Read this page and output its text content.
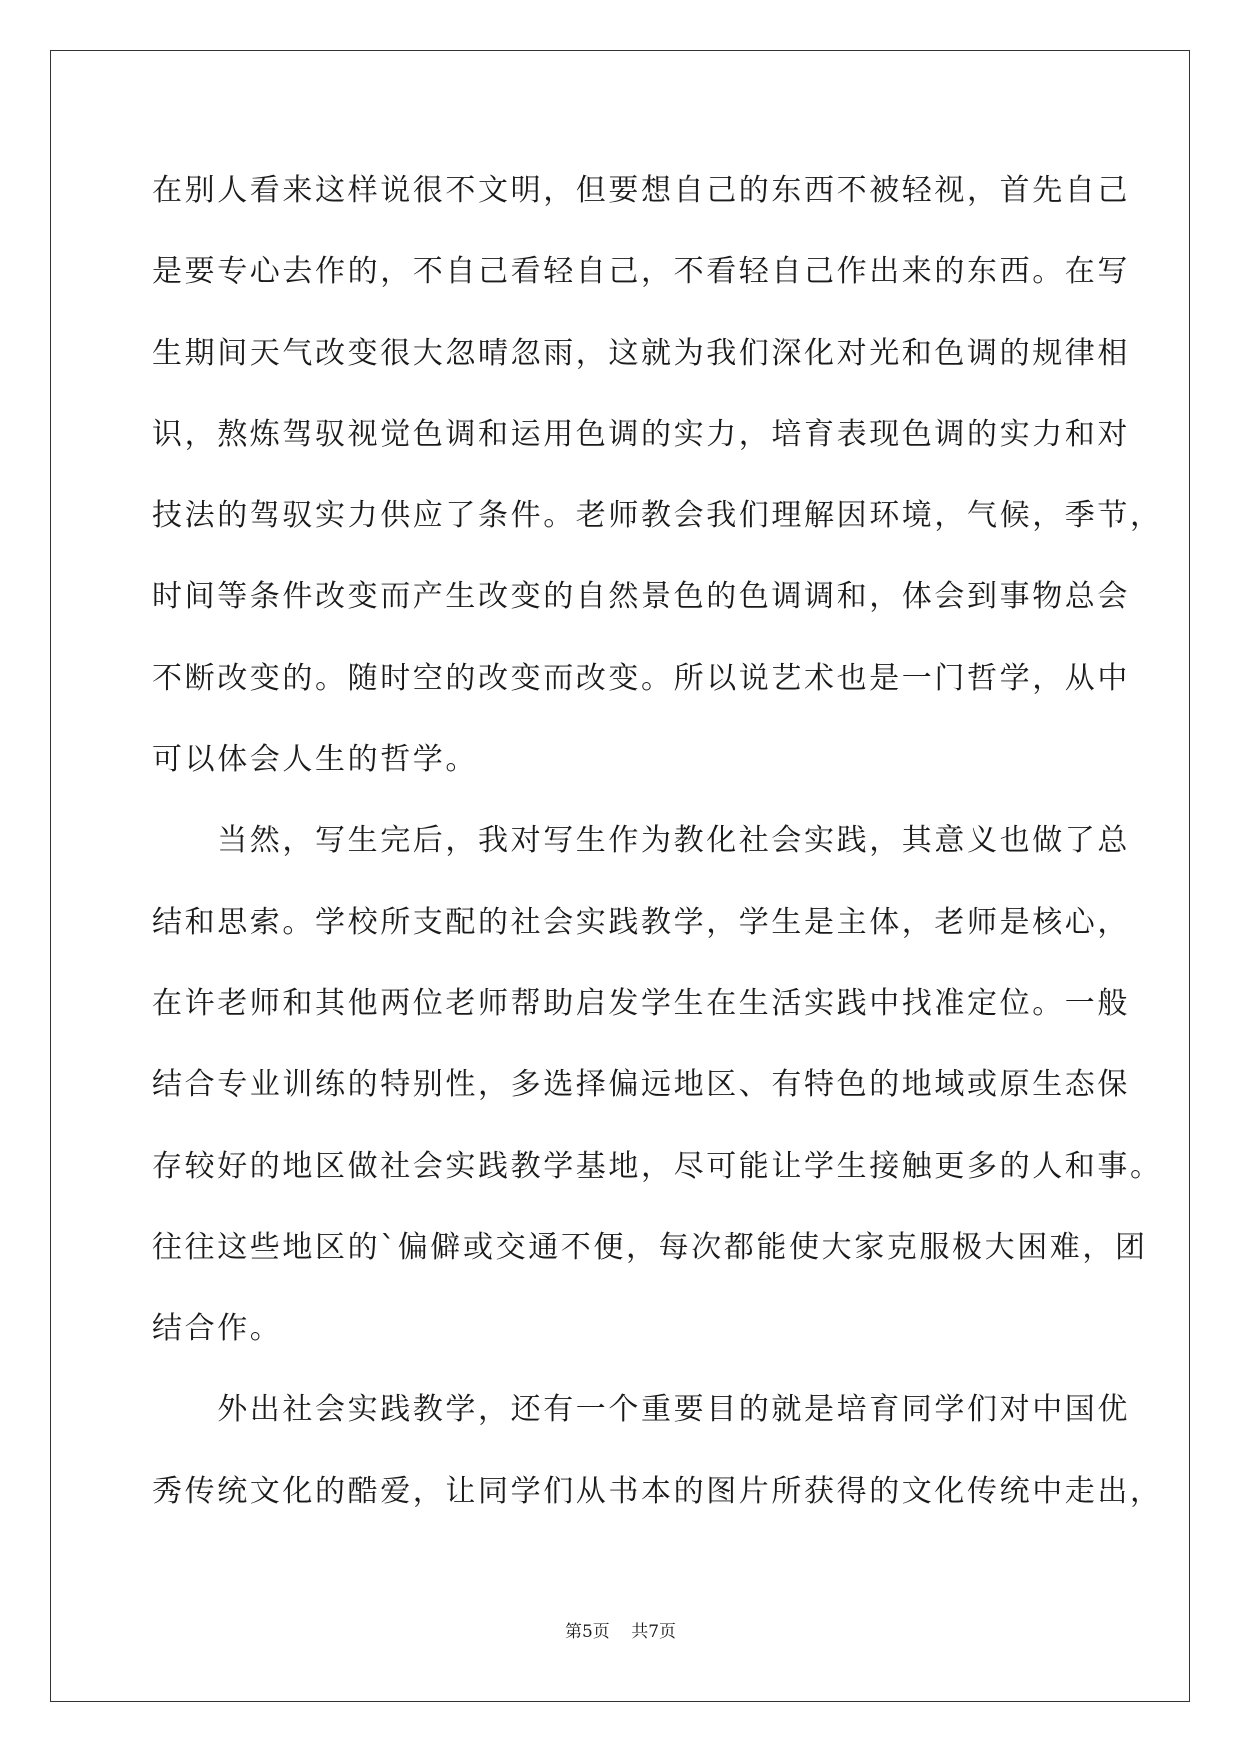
在别人看来这样说很不文明，但要想自己的东西不被轻视，首先自己
是要专心去作的，不自己看轻自己，不看轻自己作出来的东西。在写
生期间天气改变很大忽晴忽雨，这就为我们深化对光和色调的规律相
识，熬炼驾驭视觉色调和运用色调的实力，培育表现色调的实力和对
技法的驾驭实力供应了条件。老师教会我们理解因环境，气候，季节，
时间等条件改变而产生改变的自然景色的色调调和，体会到事物总会
不断改变的。随时空的改变而改变。所以说艺术也是一门哲学，从中
可以体会人生的哲学。
　　当然，写生完后，我对写生作为教化社会实践，其意义也做了总
结和思索。学校所支配的社会实践教学，学生是主体，老师是核心，
在许老师和其他两位老师帮助启发学生在生活实践中找准定位。一般
结合专业训练的特别性，多选择偏远地区、有特色的地域或原生态保
存较好的地区做社会实践教学基地，尽可能让学生接触更多的人和事。
往往这些地区的`偏僻或交通不便，每次都能使大家克服极大困难，团
结合作。
　　外出社会实践教学，还有一个重要目的就是培育同学们对中国优
秀传统文化的酷爱，让同学们从书本的图片所获得的文化传统中走出，
第5页 共7页
